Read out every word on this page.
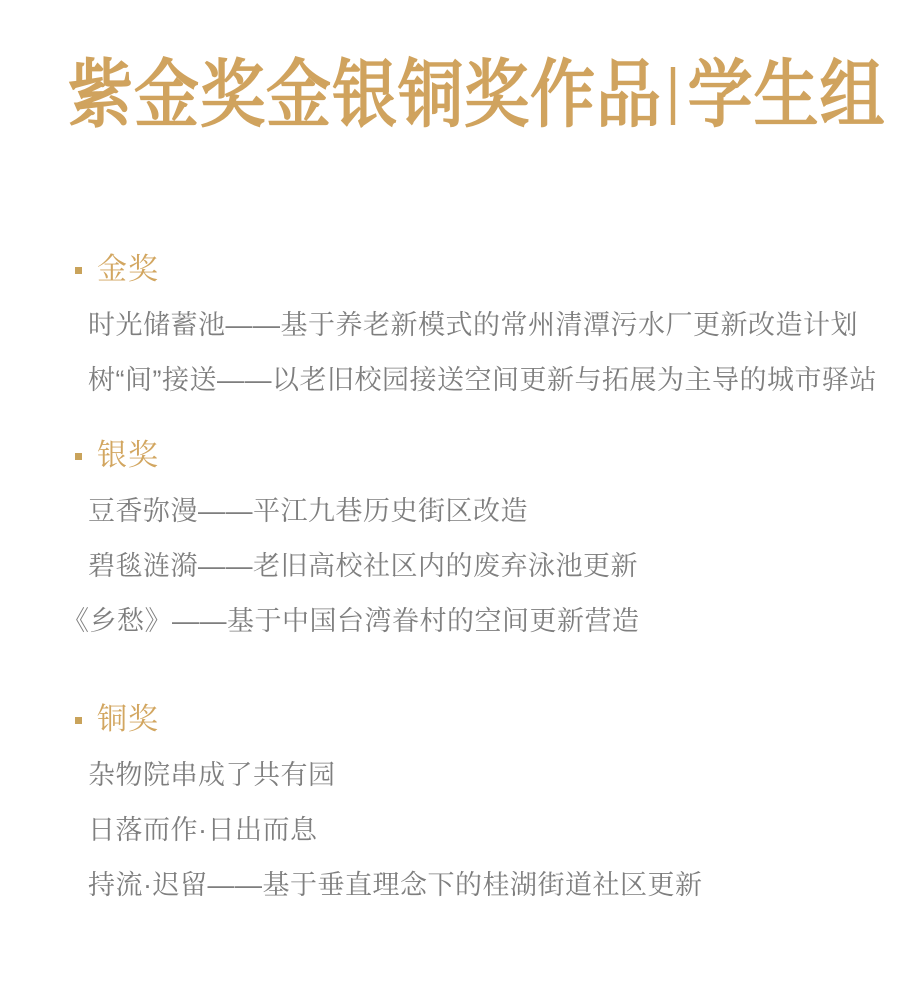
紫金奖金银铜奖作品 学生组
金奖
时光储蓄池——基于养老新模式的常州清潭污水厂更新改造计划
树“间”接送——以老旧校园接送空间更新与拓展为主导的城市驿站
银奖
豆香弥漫——平江九巷历史街区改造
碧毯涟漪——老旧高校社区内的废弃泳池更新
《乡愁》——基于中国台湾眷村的空间更新营造
铜奖
杂物院串成了共有园
日落而作·日出而息
持流·迟留——基于垂直理念下的桂湖街道社区更新
